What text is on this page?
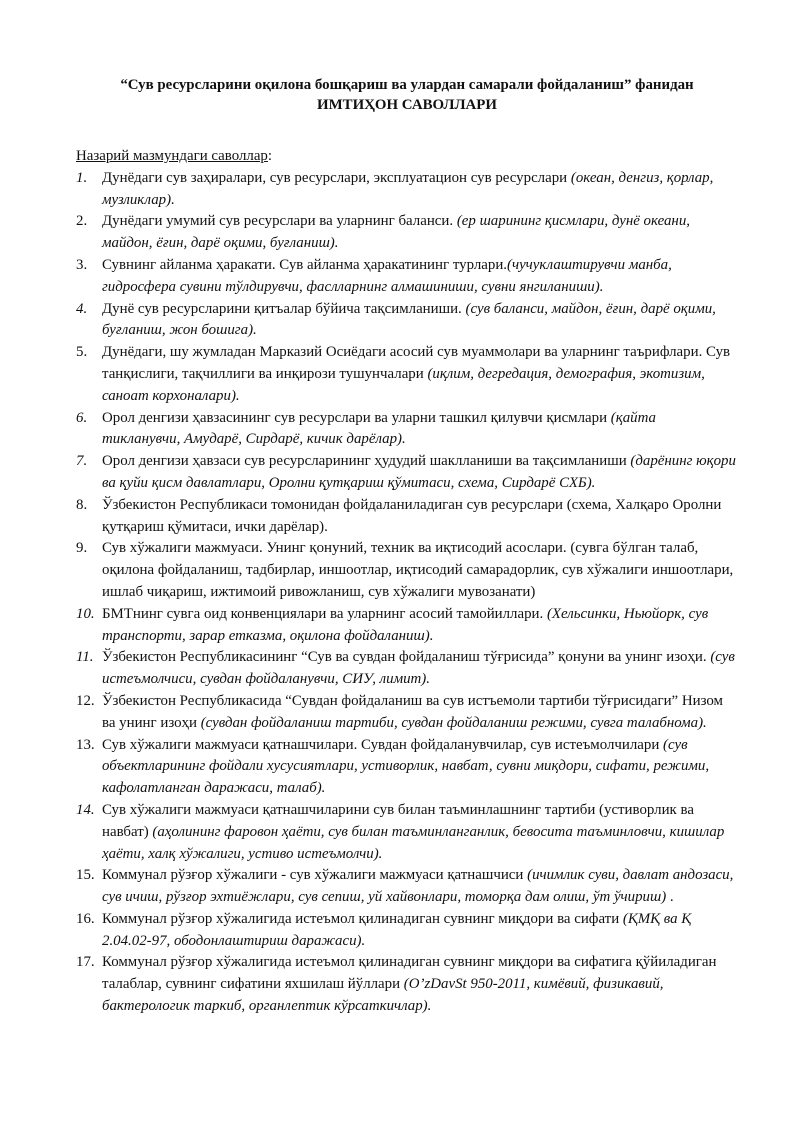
“Сув ресурсларини оқилона бошқариш ва улардан самарали фойдаланиш” фанидан

ИМТИҲОН САВОЛЛАРИ

Назарий мазмундаги саволлар:

1. Дунёдаги сув заҳиралари, сув ресурслари, эксплуатацион сув ресурслари (океан, денгиз, қорлар, музликлар).
2. Дунёдаги умумий сув ресурслари ва уларнинг баланси. (ер шарининг қисмлари, дунё океани, майдон, ёғин, дарё оқими, буғланиш).
3. Сувнинг айланма ҳаракати. Сув айланма ҳаракатининг турлари.(чучуклаштирувчи манба, гидросфера сувини тўлдирувчи, фаслларнинг алмашиниши, сувни янгиланиши).
4. Дунё сув ресурсларини қитъалар бўйича тақсимланиши. (сув баланси, майдон, ёғин, дарё оқими, буғланиш, жон бошига).
5. Дунёдаги, шу жумладан Марказий Осиёдаги асосий сув муаммолари ва уларнинг таърифлари. Сув танқислиги, тақчиллиги ва инқирози тушунчалари (иқлим, дегредация, демография, экотизим, саноат корхоналари).
6. Орол денгизи ҳавзасининг сув ресурслари ва уларни ташкил қилувчи қисмлари (қайта тикланувчи, Амударё, Сирдарё, кичик дарёлар).
7. Орол денгизи ҳавзаси сув ресурсларининг ҳудудий шаклланиши ва тақсимланиши (дарёнинг юқори ва қуйи қисм давлатлари, Оролни қутқариш қўмитаси, схема, Сирдарё СХБ).
8. Ўзбекистон Республикаси томонидан фойдаланиладиган сув ресурслари (схема, Халқаро Оролни қутқариш қўмитаси, ички дарёлар).
9. Сув хўжалиги мажмуаси. Унинг қонуний, техник ва иқтисодий асослари. (сувга бўлган талаб, оқилона фойдаланиш, тадбирлар, иншоотлар, иқтисодий самарадорлик, сув хўжалиги иншоотлари, ишлаб чиқариш, ижтимоий ривожланиш, сув хўжалиги мувозанати)
10. БМТнинг сувга оид конвенциялари ва уларнинг асосий тамойиллари. (Хельсинки, Ньюйорк, сув транспорти, зарар етказма, оқилона фойдаланиш).
11. Ўзбекистон Республикасининг “Сув ва сувдан фойдаланиш тўғрисида” қонуни ва унинг изоҳи. (сув истеъмолчиси, сувдан фойдаланувчи, СИУ, лимит).
12. Ўзбекистон Республикасида “Сувдан фойдаланиш ва сув истъемоли тартиби тўғрисидаги” Низом ва унинг изоҳи (сувдан фойдаланиш тартиби, сувдан фойдаланиш режими, сувга талабнома).
13. Сув хўжалиги мажмуаси қатнашчилари. Сувдан фойдаланувчилар, сув истеъмолчилари (сув объектларининг фойдали хусусиятлари, устиворлик, навбат, сувни миқдори, сифати, режими, кафолатланган даражаси, талаб).
14. Сув хўжалиги мажмуаси қатнашчиларини сув билан таъминлашнинг тартиби (устиворлик ва навбат) (аҳолининг фаровон ҳаёти, сув билан таъминланганлик, бевосита таъминловчи, кишилар ҳаёти, халқ хўжалиги, устиво истеъмолчи).
15. Коммунал рўзғор хўжалиги - сув хўжалиги мажмуаси қатнашчиси (ичимлик суви, давлат андозаси, сув ичиш, рўзғор эхтиёжлари, сув сепиш, уй хайвонлари, томорқа дам олиш, ўт ўчириш) .
16. Коммунал рўзғор хўжалигида истеъмол қилинадиган сувнинг миқдори ва сифати (ҚМҚ ва Қ 2.04.02-97, ободонлаштириш даражаси).
17. Коммунал рўзғор хўжалигида истеъмол қилинадиган сувнинг миқдори ва сифатига қўйиладиган талаблар, сувнинг сифатини яхшилаш йўллари (O’zDavSt 950-2011, кимёвий, физикавий, бактерологик таркиб, органлептик кўрсаткичлар).
